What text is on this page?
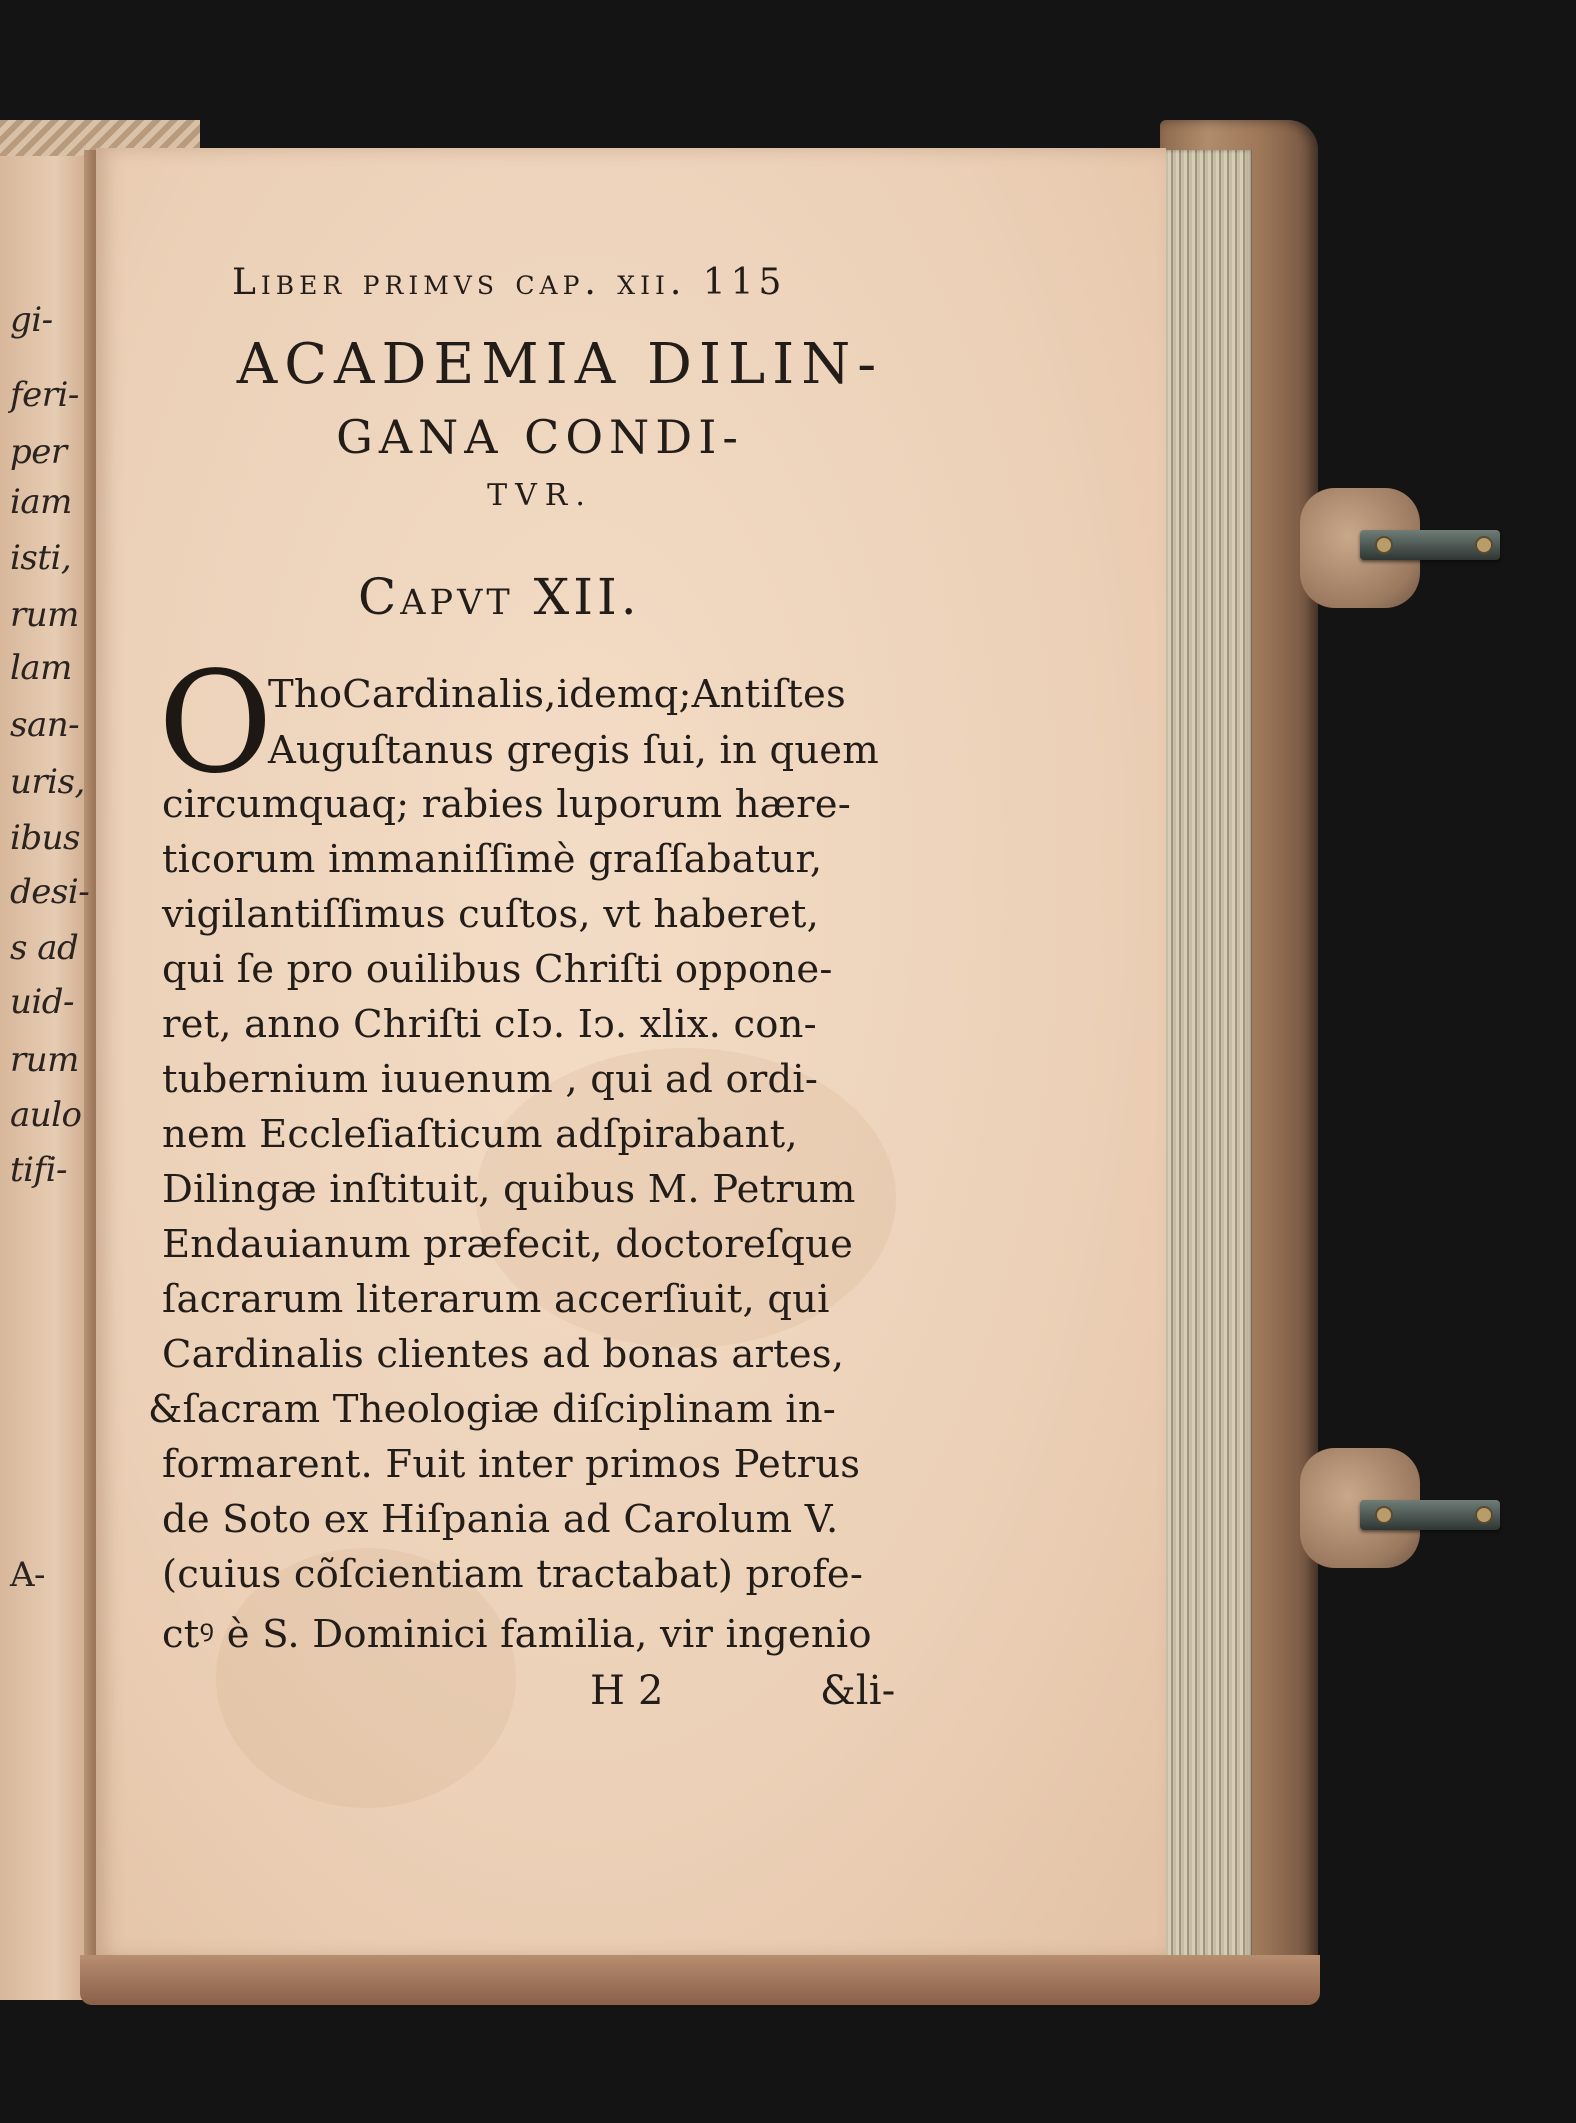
gi-
feri-
per
iam
isti,
rum
lam
san-
uris,
ibus
desi-
s ad
uid-
rum
aulo
tifi-
A-
Liber primvs cap. xii. 115
ACADEMIA DILIN-
GANA CONDI-
TVR.
Capvt XII.
O
ThoCardinalis,idemq;Antiſtes
Auguſtanus gregis ſui, in quem
circumquaq; rabies luporum hære-
ticorum immaniſſimè graſſabatur,
vigilantiſſimus cuſtos, vt haberet,
qui ſe pro ouilibus Chriſti oppone-
ret, anno Chriſti cIↄ. Iↄ. xlix. con-
tubernium iuuenum , qui ad ordi-
nem Eccleſiaſticum adſpirabant,
Dilingæ inſtituit, quibus M. Petrum
Endauianum præfecit, doctoreſque
ſacrarum literarum accerſiuit, qui
Cardinalis clientes ad bonas artes,
&ſacram Theologiæ diſciplinam in-
formarent. Fuit inter primos Petrus
de Soto ex Hiſpania ad Carolum V.
(cuius cõſcientiam tractabat) profe-
ctꝰ è S. Dominici familia, vir ingenio
H 2	&li-
